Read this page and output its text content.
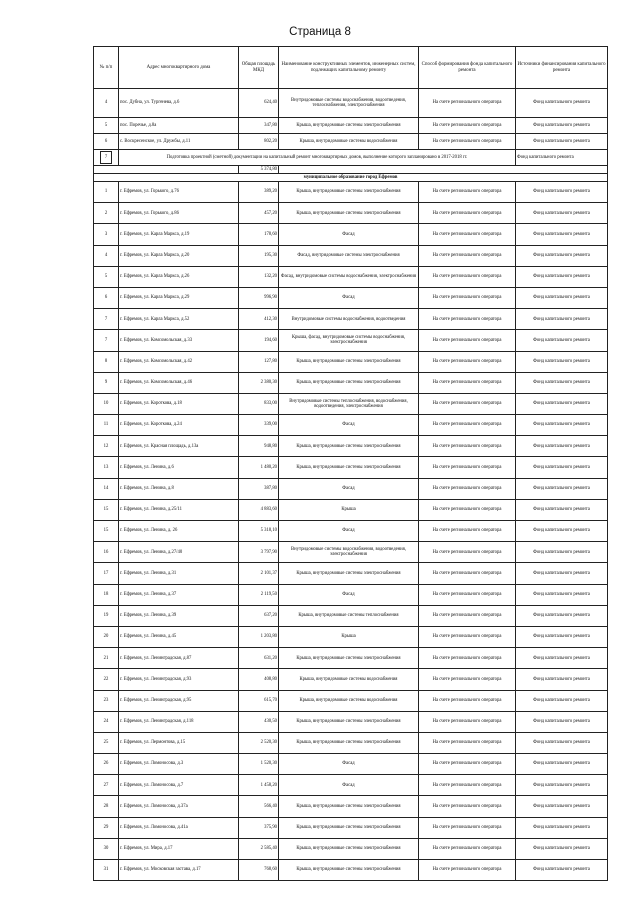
Страница 8
№ п/п	Адрес многоквартирного дома	Общая площадь МКД	Наименование конструктивных элементов, инженерных систем, подлежащих капитальному ремонту	Способ формирования фонда капитального ремонта	Источники финансирования капитального ремонта
4	пос. Дубна, ул. Тургенева, д.6	624,40	Внутридомовые системы водоснабжения, водоотведения, теплоснабжения, электроснабжения	На счете регионального оператора	Фонд капитального ремонта
5	пос. Поречье, д.8а	347,80	Крыша, внутридомовые системы электроснабжения	На счете регионального оператора	Фонд капитального ремонта
6	с. Воскресенское, ул. Дружбы, д.11	802,20	Крыша, внутридомовые системы водоснабжения	На счете регионального оператора	Фонд капитального ремонта
7	Подготовка проектной (сметной) документации на капитальный ремонт многоквартирных домов, выполнение которого запланировано в 2017-2018 гг.				Фонд капитального ремонта
		5 374,80			
муниципальное образование город Ефремов					
1	г. Ефремов, ул. Горького, д.76	389,20	Крыша, внутридомовые системы электроснабжения	На счете регионального оператора	Фонд капитального ремонта
2	г. Ефремов, ул. Горького, д.86	457,20	Крыша, внутридомовые системы электроснабжения	На счете регионального оператора	Фонд капитального ремонта
3	г. Ефремов, ул. Карла Маркса, д.19	178,60	Фасад	На счете регионального оператора	Фонд капитального ремонта
4	г. Ефремов, ул. Карла Маркса, д.20	195,30	Фасад, внутридомовые системы электроснабжения	На счете регионального оператора	Фонд капитального ремонта
5	г. Ефремов, ул. Карла Маркса, д.26	132,20	Фасад, внутридомовые системы водоснабжения, электроснабжения	На счете регионального оператора	Фонд капитального ремонта
6	г. Ефремов, ул. Карла Маркса, д.29	996,90	Фасад	На счете регионального оператора	Фонд капитального ремонта
7	г. Ефремов, ул. Карла Маркса, д.52	412,30	Внутридомовые системы водоснабжения, водоотведения	На счете регионального оператора	Фонд капитального ремонта
7	г. Ефремов, ул. Комсомольская, д.33	194,60	Крыша, фасад, внутридомовые системы водоснабжения, электроснабжения	На счете регионального оператора	Фонд капитального ремонта
8	г. Ефремов, ул. Комсомольская, д.42	127,80	Крыша, внутридомовые системы электроснабжения	На счете регионального оператора	Фонд капитального ремонта
9	г. Ефремов, ул. Комсомольская, д.46	2 380,30	Крыша, внутридомовые системы электроснабжения	На счете регионального оператора	Фонд капитального ремонта
10	г. Ефремов, ул. Короткова, д.18	833,00	Внутридомовые системы теплоснабжения, водоснабжения, водоотведения, электроснабжения	На счете регионального оператора	Фонд капитального ремонта
11	г. Ефремов, ул. Короткова, д.24	339,00	Фасад	На счете регионального оператора	Фонд капитального ремонта
12	г. Ефремов, ул. Красная площадь, д.13а	948,80	Крыша, внутридомовые системы электроснабжения	На счете регионального оператора	Фонд капитального ремонта
13	г. Ефремов, ул. Ленина, д.6	1 480,20	Крыша, внутридомовые системы электроснабжения	На счете регионального оператора	Фонд капитального ремонта
14	г. Ефремов, ул. Ленина, д.8	387,80	Фасад	На счете регионального оператора	Фонд капитального ремонта
15	г. Ефремов, ул. Ленина, д.25/11	4 883,60	Крыша	На счете регионального оператора	Фонд капитального ремонта
15	г. Ефремов, ул. Ленина, д. 26	5 318,10	Фасад	На счете регионального оператора	Фонд капитального ремонта
16	г. Ефремов, ул. Ленина, д.27/40	3 797,90	Внутридомовые системы водоснабжения, водоотведения, электроснабжения	На счете регионального оператора	Фонд капитального ремонта
17	г. Ефремов, ул. Ленина, д.31	2 101,37	Крыша, внутридомовые системы электроснабжения	На счете регионального оператора	Фонд капитального ремонта
18	г. Ефремов, ул. Ленина, д.37	2 119,50	Фасад	На счете регионального оператора	Фонд капитального ремонта
19	г. Ефремов, ул. Ленина, д.39	637,20	Крыша, внутридомовые системы теплоснабжения	На счете регионального оператора	Фонд капитального ремонта
20	г. Ефремов, ул. Ленина, д.45	1 203,80	Крыша	На счете регионального оператора	Фонд капитального ремонта
21	г. Ефремов, ул. Ленинградская, д.87	631,20	Крыша, внутридомовые системы электроснабжения	На счете регионального оператора	Фонд капитального ремонта
22	г. Ефремов, ул. Ленинградская, д.93	408,80	Крыша, внутридомовые системы водоснабжения	На счете регионального оператора	Фонд капитального ремонта
23	г. Ефремов, ул. Ленинградская, д.95	615,70	Крыша, внутридомовые системы водоснабжения	На счете регионального оператора	Фонд капитального ремонта
24	г. Ефремов, ул. Ленинградская, д.118	430,50	Крыша, внутридомовые системы электроснабжения	На счете регионального оператора	Фонд капитального ремонта
25	г. Ефремов, ул. Лермонтова, д.15	2 520,30	Крыша, внутридомовые системы электроснабжения	На счете регионального оператора	Фонд капитального ремонта
26	г. Ефремов, ул. Ломоносова, д.3	1 520,30	Фасад	На счете регионального оператора	Фонд капитального ремонта
27	г. Ефремов, ул. Ломоносова, д.7	1 458,20	Фасад	На счете регионального оператора	Фонд капитального ремонта
28	г. Ефремов, ул. Ломоносова, д.37а	566,40	Крыша, внутридомовые системы электроснабжения	На счете регионального оператора	Фонд капитального ремонта
29	г. Ефремов, ул. Ломоносова, д.41а	375,90	Крыша, внутридомовые системы электроснабжения	На счете регионального оператора	Фонд капитального ремонта
30	г. Ефремов, ул. Мира, д.17	2 585,40	Крыша, внутридомовые системы электроснабжения	На счете регионального оператора	Фонд капитального ремонта
31	г. Ефремов, ул. Московская застава, д.17	768,60	Крыша, внутридомовые системы электроснабжения	На счете регионального оператора	Фонд капитального ремонта
